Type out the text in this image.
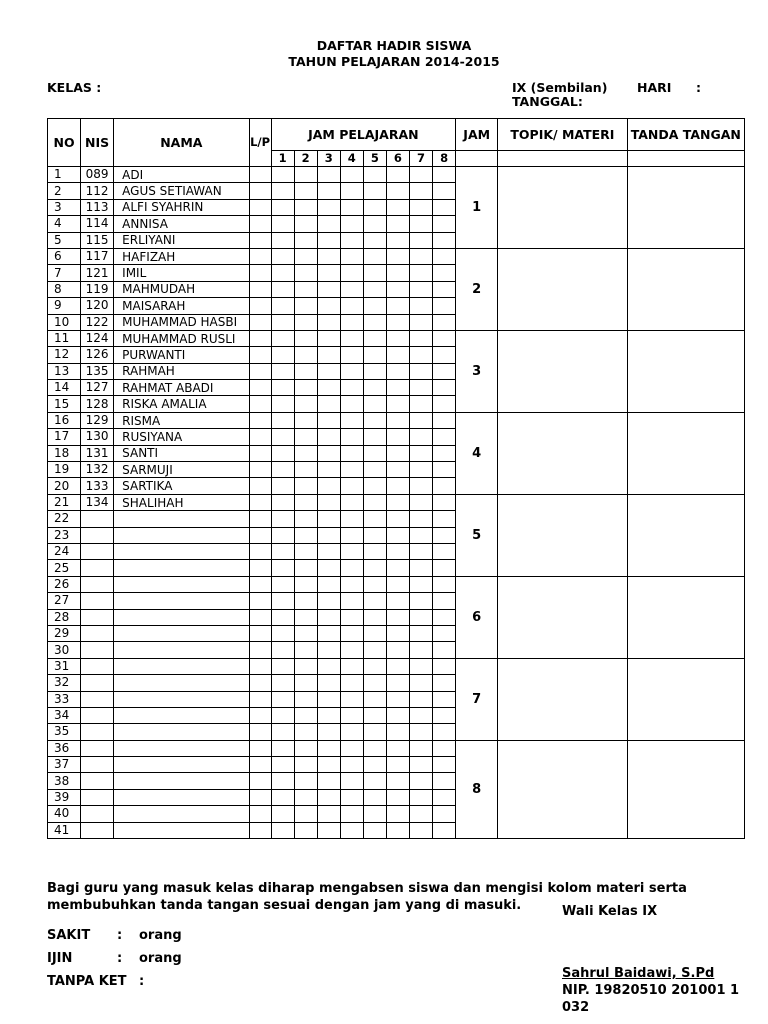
DAFTAR HADIR SISWA
TAHUN PELAJARAN 2014-2015
KELAS :	IX (Sembilan) HARI :
TANGGAL:
NO	NIS	NAMA	L/P	JAM PELAJARAN								JAM	TOPIK/ MATERI	TANDA TANGAN
				1	2	3	4	5	6	7	8			
1	089	ADI										1		
2	112	AGUS SETIAWAN												
3	113	ALFI SYAHRIN												
4	114	ANNISA												
5	115	ERLIYANI												
6	117	HAFIZAH										2		
7	121	IMIL												
8	119	MAHMUDAH												
9	120	MAISARAH												
10	122	MUHAMMAD HASBI												
11	124	MUHAMMAD RUSLI										3		
12	126	PURWANTI												
13	135	RAHMAH												
14	127	RAHMAT ABADI												
15	128	RISKA AMALIA												
16	129	RISMA										4		
17	130	RUSIYANA												
18	131	SANTI												
19	132	SARMUJI												
20	133	SARTIKA												
21	134	SHALIHAH										5		
22														
23														
24														
25														
26												6		
27														
28														
29														
30														
31												7		
32														
33														
34														
35														
36												8		
37														
38														
39														
40														
41														
Bagi guru yang masuk kelas diharap mengabsen siswa dan mengisi kolom materi serta membubuhkan tanda tangan sesuai dengan jam yang di masuki.
SAKIT : orang
IJIN	: orang
TANPA KET :
Wali Kelas IX
Sahrul Baidawi, S.Pd
NIP. 19820510 201001 1 032
